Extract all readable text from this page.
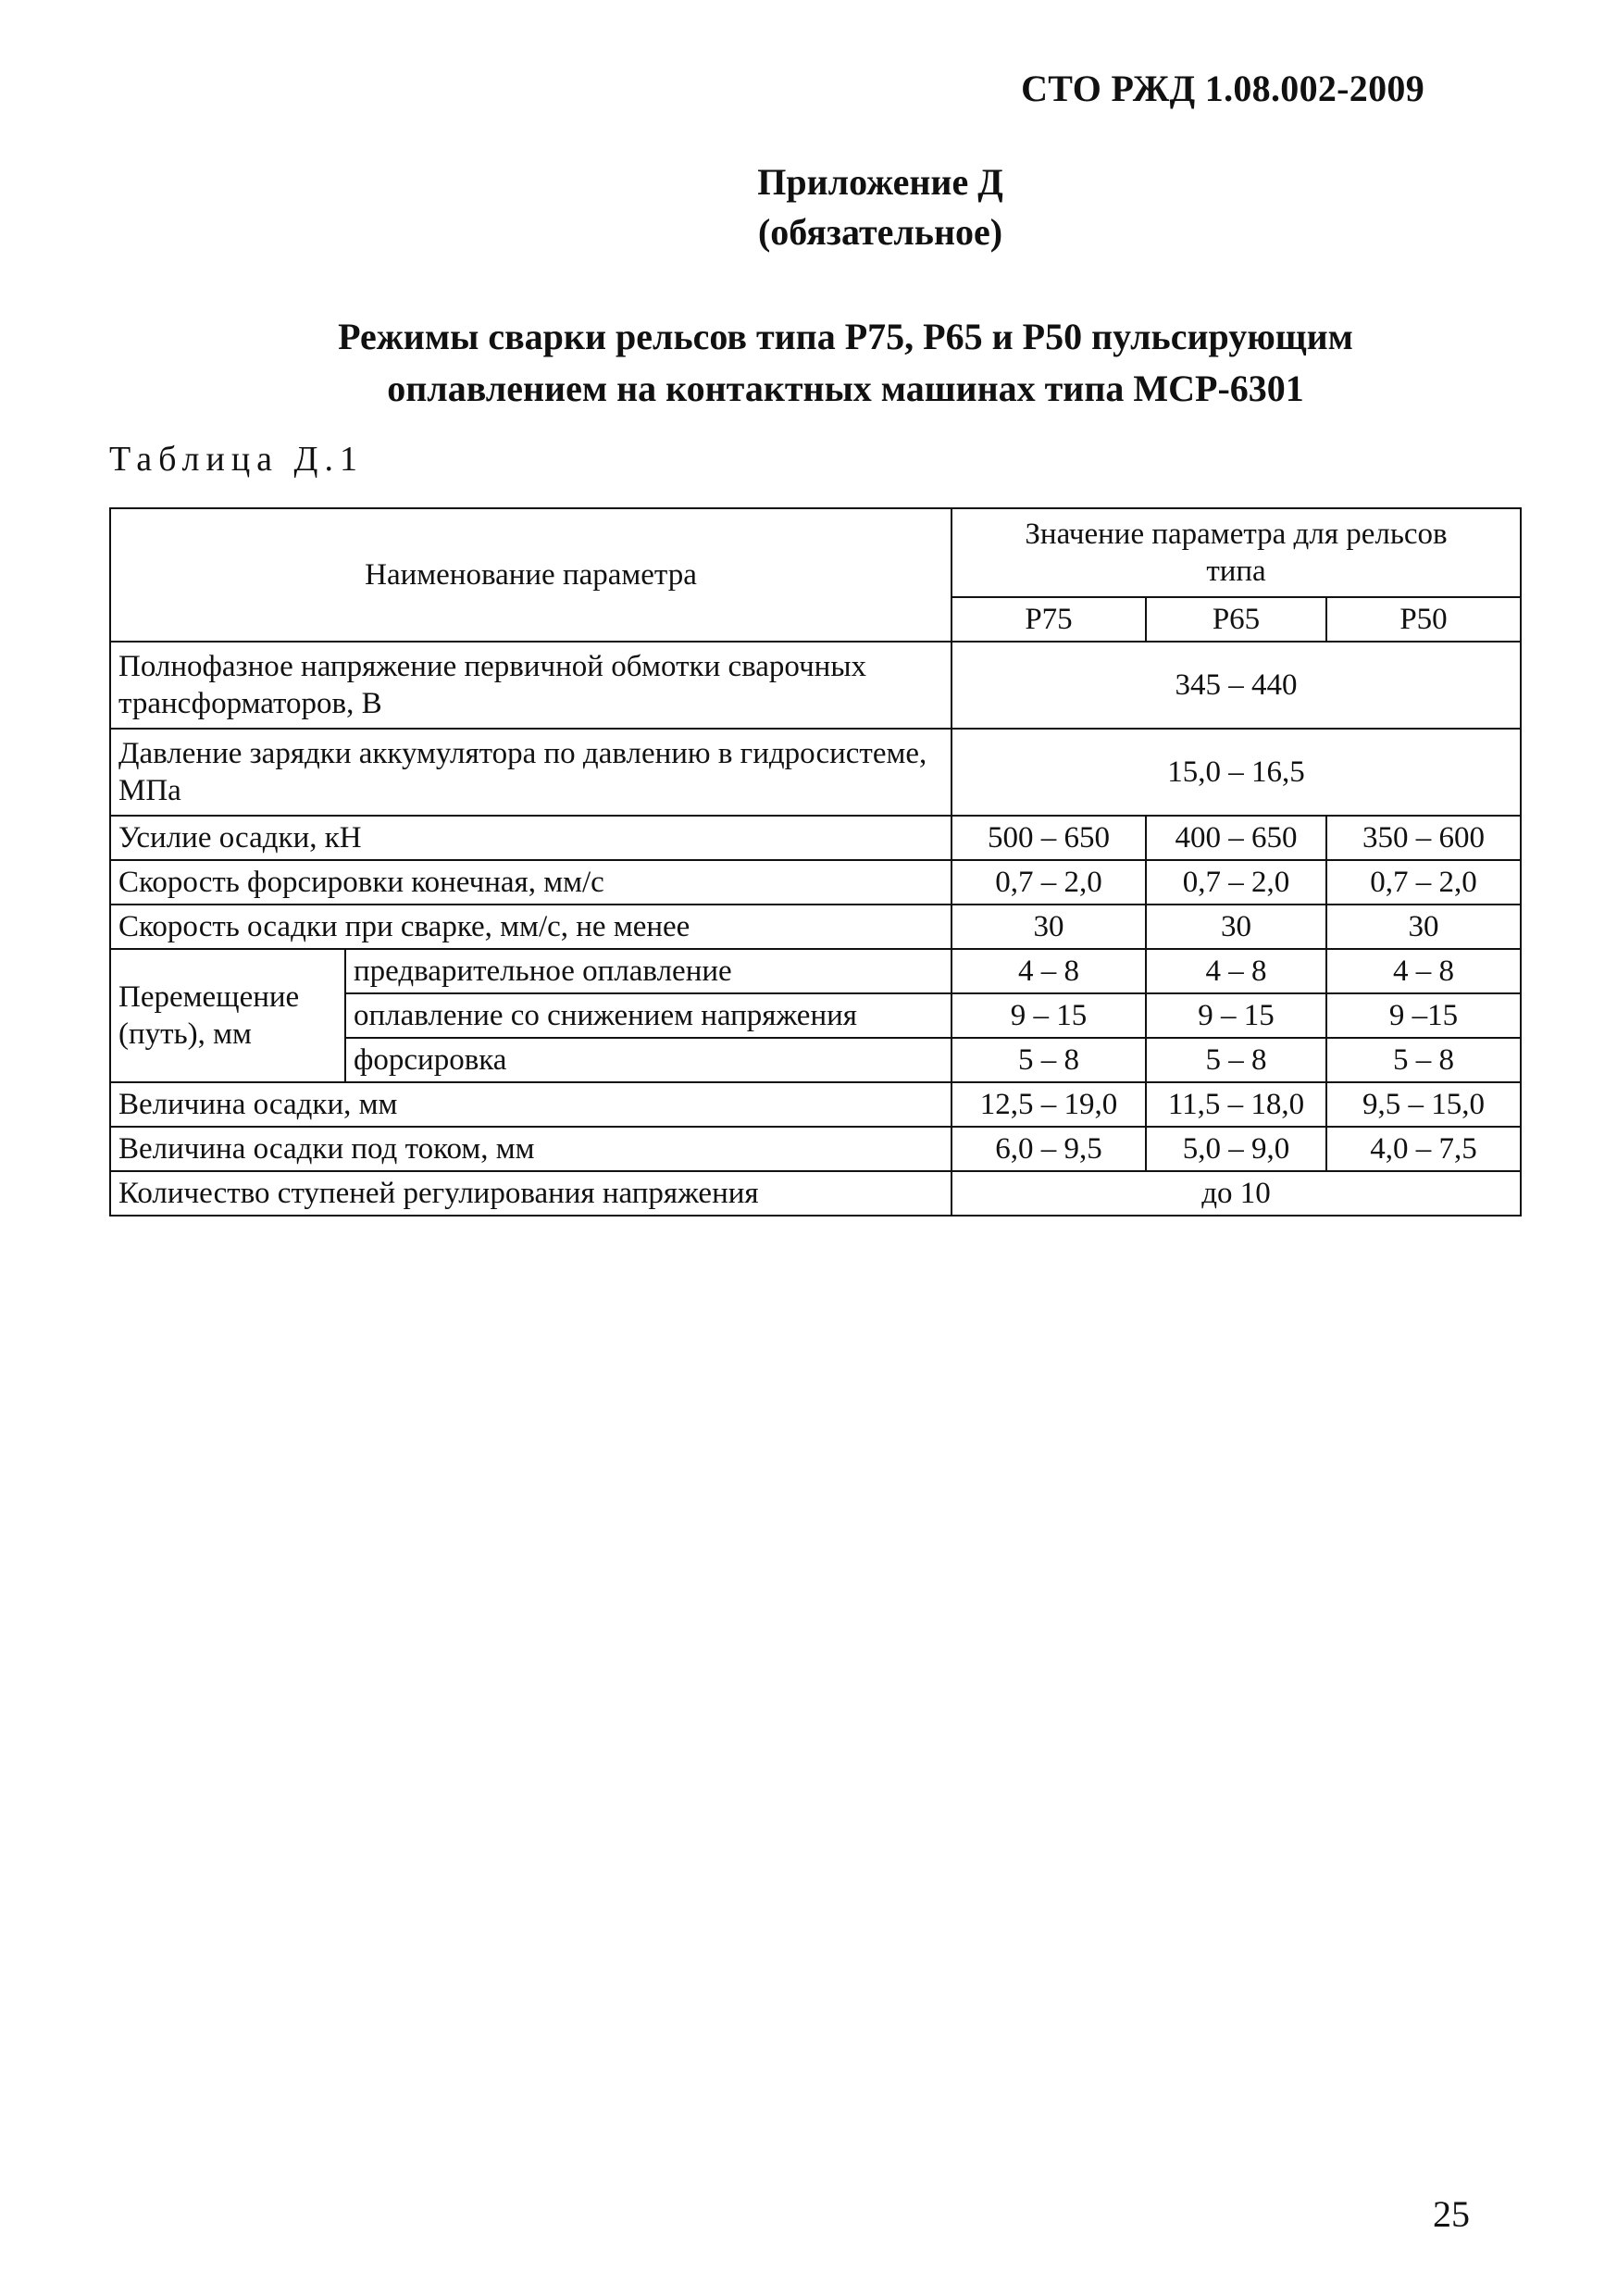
СТО РЖД 1.08.002-2009
Приложение Д
(обязательное)
Режимы сварки рельсов типа Р75, Р65 и Р50 пульсирующим
оплавлением на контактных машинах типа МСР-6301
Таблица Д.1
Наименование параметра		Значение параметра для рельсов типа		
		Р75	Р65	Р50
Полнофазное напряжение первичной обмотки сварочных трансформаторов, В		345 – 440		
Давление зарядки аккумулятора по давлению в гидросистеме, МПа		15,0 – 16,5		
Усилие осадки, кН		500 – 650	400 – 650	350 – 600
Скорость форсировки конечная, мм/с		0,7 – 2,0	0,7 – 2,0	0,7 – 2,0
Скорость осадки при сварке, мм/с, не менее		30	30	30
Перемещение (путь), мм	предварительное оплавление	4 – 8	4 – 8	4 – 8
	оплавление со снижением напряжения	9 – 15	9 – 15	9 –15
	форсировка	5 – 8	5 – 8	5 – 8
Величина осадки, мм		12,5 – 19,0	11,5 – 18,0	9,5 – 15,0
Величина осадки под током, мм		6,0 – 9,5	5,0 – 9,0	4,0 – 7,5
Количество ступеней регулирования напряжения		до 10		
25
